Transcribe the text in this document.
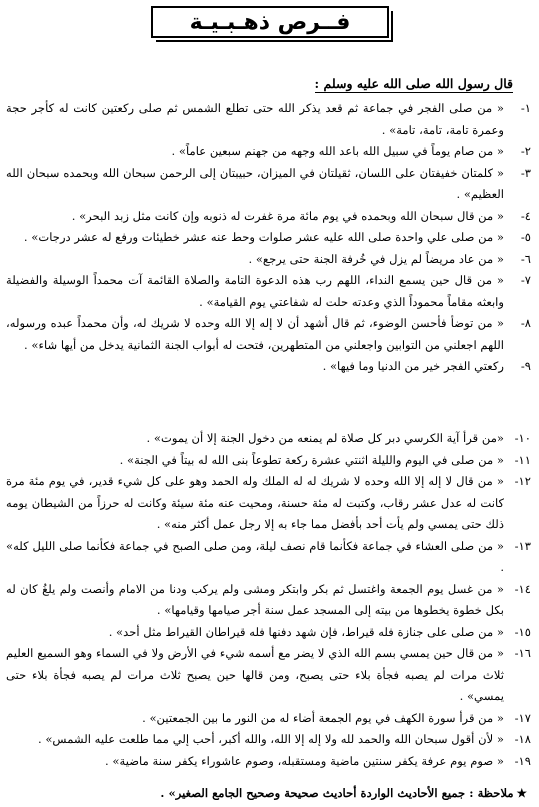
فــرص ذهـبـيـة
قال رسول الله صلى الله عليه وسلم :
١-
« من صلى الفجر في جماعة ثم قعد يذكر الله حتى تطلع الشمس ثم صلى ركعتين كانت له كأجر حجة وعمرة تامة، تامة، تامة» .
٢-
« من صام يوماً في سبيل الله باعد الله وجهه من جهنم سبعين عاماً» .
٣-
« كلمتان خفيفتان على اللسان، ثقيلتان في الميزان، حبيبتان إلى الرحمن سبحان الله وبحمده سبحان الله العظيم» .
٤-
« من قال سبحان الله وبحمده في يوم مائة مرة غفرت له ذنوبه وإن كانت مثل زبد البحر» .
٥-
« من صلى علي واحدة صلى الله عليه عشر صلوات وحط عنه عشر خطيئات ورفع له عشر درجات» .
٦-
« من عاد مريضاً لم يزل في خُرفة الجنة حتى يرجع» .
٧-
« من قال حين يسمع النداء، اللهم رب هذه الدعوة التامة والصلاة القائمة آت محمداً الوسيلة والفضيلة وابعثه مقاماً محموداً الذي وعدته حلت له شفاعتي يوم القيامة» .
٨-
« من توضأ فأحسن الوضوء، ثم قال أشهد أن لا إله إلا الله وحده لا شريك له، وأن محمداً عبده ورسوله، اللهم اجعلني من التوابين واجعلني من المتطهرين، فتحت له أبواب الجنة الثمانية يدخل من أيها شاء» .
٩-
ركعتي الفجر خير من الدنيا وما فيها» .
١٠-
«من قرأ آية الكرسي دبر كل صلاة لم يمنعه من دخول الجنة إلا أن يموت» .
١١-
« من صلى في اليوم والليلة اثنتي عشرة ركعة تطوعاً بنى الله له بيتاً في الجنة» .
١٢-
« من قال لا إله إلا الله وحده لا شريك له له الملك وله الحمد وهو على كل شيء قدير، في يوم مئة مرة كانت له عدل عشر رقاب، وكتبت له مئة حسنة، ومحيت عنه مئة سيئة وكانت له حرزاً من الشيطان يومه ذلك حتى يمسي ولم يأت أحد بأفضل مما جاء به إلا رجل عمل أكثر منه» .
١٣-
« من صلى العشاء في جماعة فكأنما قام نصف ليلة، ومن صلى الصبح في جماعة فكأنما صلى الليل كله» .
١٤-
« من غسل يوم الجمعة واغتسل ثم بكر وابتكر ومشى ولم يركب ودنا من الامام وأنصت ولم يلغُ كان له بكل خطوة يخطوها من بيته إلى المسجد عمل سنة أجر صيامها وقيامها» .
١٥-
« من صلى على جنازة فله قيراط، فإن شهد دفنها فله قيراطان القيراط مثل أحد» .
١٦-
« من قال حين يمسي بسم الله الذي لا يضر مع أسمه شيء في الأرض ولا في السماء وهو السميع العليم ثلاث مرات لم يصبه فجأة بلاء حتى يصبح، ومن قالها حين يصبح ثلاث مرات لم يصبه فجأة بلاء حتى يمسي» .
١٧-
« من قرأ سورة الكهف في يوم الجمعة أضاء له من النور ما بين الجمعتين» .
١٨-
« لأن أقول سبحان الله والحمد لله ولا إله إلا الله، والله أكبر، أحب إلي مما طلعت عليه الشمس» .
١٩-
« صوم يوم عرفة يكفر سنتين ماضية ومستقبله، وصوم عاشوراء يكفر سنة ماضية» .
★ملاحظة : جميع الأحاديث الواردة أحاديث صحيحة وصحيح الجامع الصغير» .
